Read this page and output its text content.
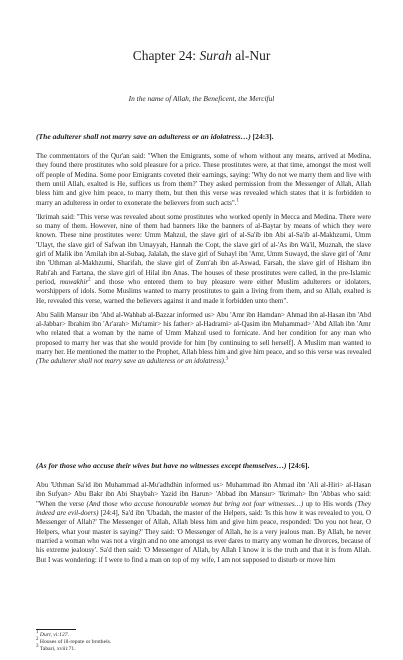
Chapter 24: Surah al-Nur
In the name of Allah, the Beneficent, the Merciful
(The adulterer shall not marry save an adulteress or an idolatress…) [24:3].

The commentators of the Qur'an said: "When the Emigrants, some of whom without any means, arrived at Medina, they found there prostitutes who sold pleasure for a price. These prostitutes were, at that time, amongst the most well off people of Medina. Some poor Emigrants coveted their earnings, saying: 'Why do not we marry them and live with them until Allah, exalted is He, suffices us from them?' They asked permission from the Messenger of Allah, Allah bless him and give him peace, to marry them, but then this verse was revealed which states that it is forbidden to marry an adulteress in order to exonerate the believers from such acts".$^1$

'Ikrimah said: "This verse was revealed about some prostitutes who worked openly in Mecca and Medina. There were so many of them. However, nine of them had banners like the banners of al-Baytar by means of which they were known. These nine prostitutes were: Umm Mahzul, the slave girl of al-Sa'ib ibn Abi al-Sa'ib al-Makhzumi, Umm 'Ulayt, the slave girl of Safwan ibn Umayyah, Hannah the Copt, the slave girl of al-'As ibn Wa'il, Muznah, the slave girl of Malik ibn 'Amilah ibn al-Subaq, Jalalah, the slave girl of Suhayl ibn 'Amr, Umm Suwayd, the slave girl of 'Amr ibn 'Uthman al-Makhzumi, Sharifah, the slave girl of Zum'ah ibn al-Aswad, Farsah, the slave girl of Hisham ibn Rabi'ah and Fartana, the slave girl of Hilal ibn Anas. The houses of these prostitutes were called, in the pre-Islamic period, muwakhir$^2$ and those who entered them to buy pleasure were either Muslim adulterers or idolaters, worshippers of idols. Some Muslims wanted to marry prostitutes to gain a living from them, and so Allah, exalted is He, revealed this verse, warned the believers against it and made it forbidden unto them".

Abu Salih Mansur ibn 'Abd al-Wahhab al-Bazzar informed us> Abu 'Amr ibn Hamdan> Ahmad ibn al-Hasan ibn 'Abd al-Jabbar> Ibrahim ibn 'Ar'arah> Mu'tamir> his father> al-Hadrami> al-Qasim ibn Muhammad> 'Abd Allah ibn 'Amr who related that a woman by the name of Umm Mahzul used to fornicate. And her condition for any man who proposed to marry her was that she would provide for him [by continuing to sell herself]. A Muslim man wanted to marry her. He mentioned the matter to the Prophet, Allah bless him and give him peace, and so this verse was revealed (The adulterer shall not marry save an adulteress or an idolatress).$^3$

(As for those who accuse their wives but have no witnesses except themselves…) [24:6].

Abu 'Uthman Sa'id ibn Muhammad al-Mu'adhdhin informed us> Muhammad ibn Ahmad ibn 'Ali al-Hiri> al-Hasan ibn Sufyan> Abu Bakr ibn Abi Shaybah> Yazid ibn Harun> 'Abbad ibn Mansur> 'Ikrimah> Ibn 'Abbas who said: "When the verse (And those who accuse honourable women but bring not four witnesses…) up to His words (They indeed are evil-doers) [24:4], Sa'd ibn 'Ubadah, the master of the Helpers, said: 'Is this how it was revealed to you, O Messenger of Allah?' The Messenger of Allah, Allah bless him and give him peace, responded: 'Do you not hear, O Helpers, what your master is saying?' They said: 'O Messenger of Allah, he is a very jealous man. By Allah, he never married a woman who was not a virgin and no one amongst us ever dares to marry any woman he divorces, because of his extreme jealousy'. Sa'd then said: 'O Messenger of Allah, by Allah I know it is the truth and that it is from Allah. But I was wondering: if I were to find a man on top of my wife, I am not supposed to disturb or move him

$^1$ Durr, vi:127.
$^2$ Houses of ill-repute or brothels.
$^3$ Tabari, xviii:71.
